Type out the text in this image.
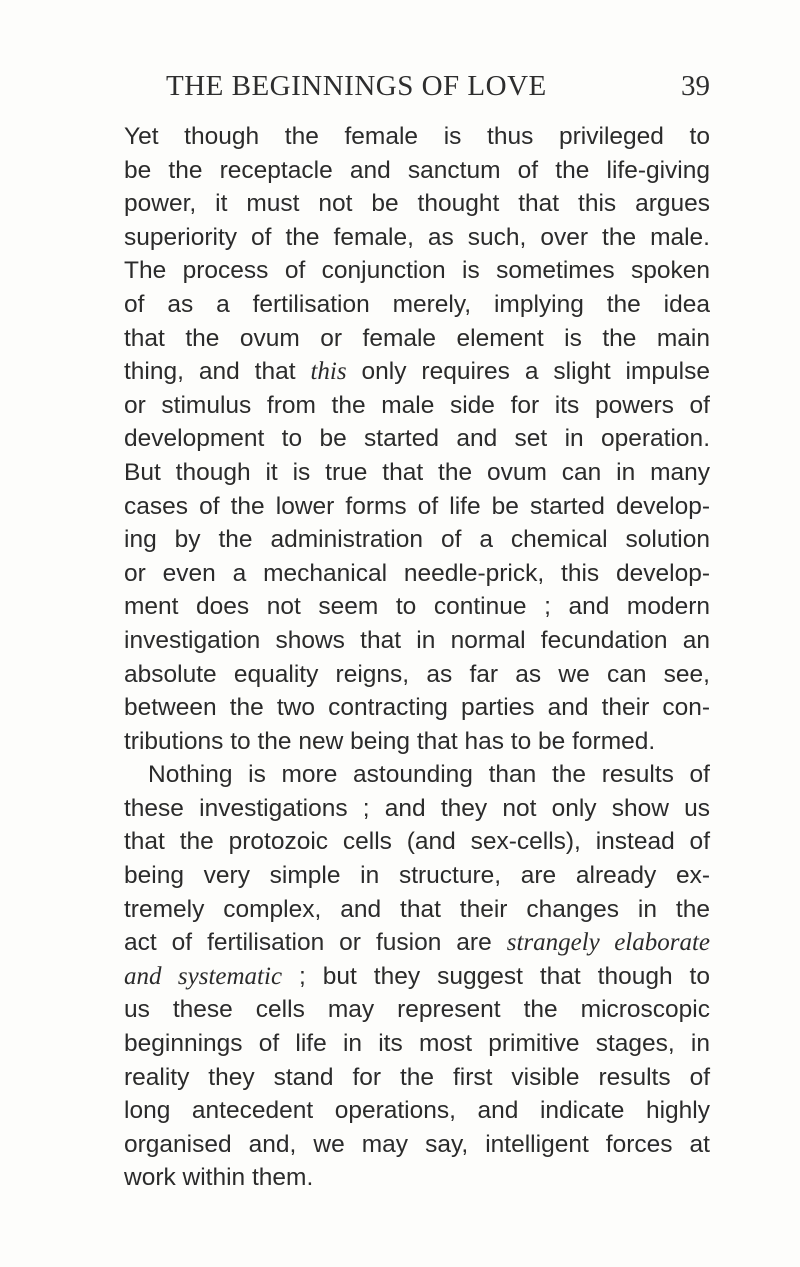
THE BEGINNINGS OF LOVE	39
Yet though the female is thus privileged to
be the receptacle and sanctum of the life-giving
power, it must not be thought that this argues
superiority of the female, as such, over the male.
The process of conjunction is sometimes spoken
of as a fertilisation merely, implying the idea
that the ovum or female element is the main
thing, and that this only requires a slight impulse
or stimulus from the male side for its powers of
development to be started and set in operation.
But though it is true that the ovum can in many
cases of the lower forms of life be started develop-
ing by the administration of a chemical solution
or even a mechanical needle-prick, this develop-
ment does not seem to continue ; and modern
investigation shows that in normal fecundation an
absolute equality reigns, as far as we can see,
between the two contracting parties and their con-
tributions to the new being that has to be formed.
Nothing is more astounding than the results of
these investigations ; and they not only show us
that the protozoic cells (and sex-cells), instead of
being very simple in structure, are already ex-
tremely complex, and that their changes in the
act of fertilisation or fusion are strangely elaborate
and systematic ; but they suggest that though to
us these cells may represent the microscopic
beginnings of life in its most primitive stages, in
reality they stand for the first visible results of
long antecedent operations, and indicate highly
organised and, we may say, intelligent forces at
work within them.
